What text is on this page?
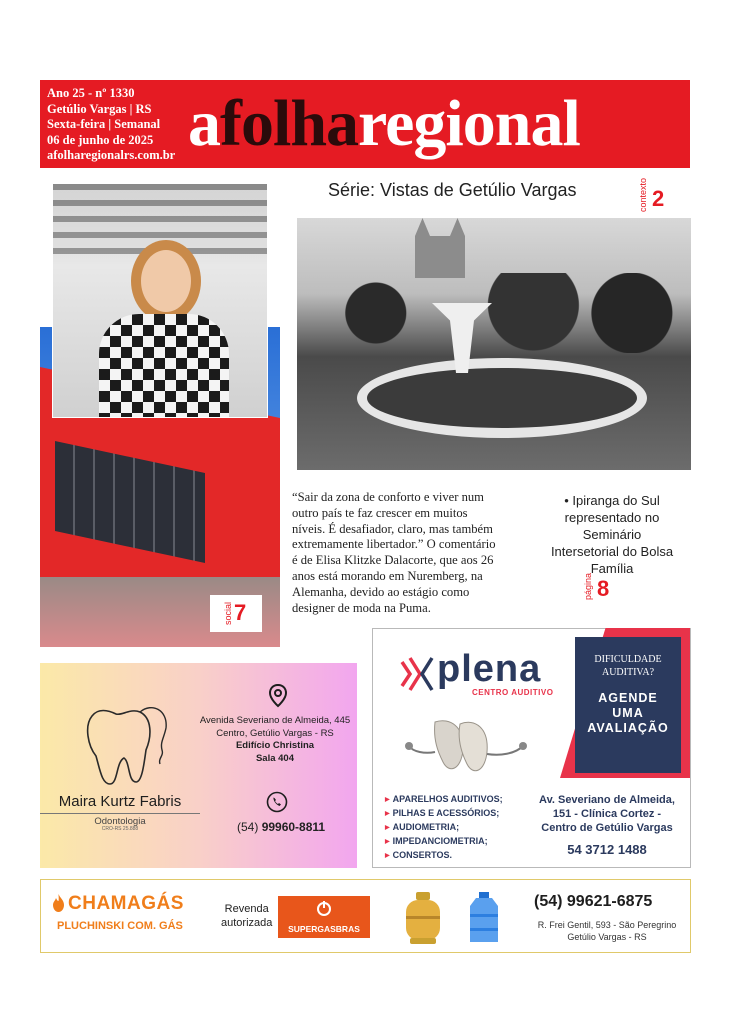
Ano 25 - nº 1330
Getúlio Vargas | RS
Sexta-feira | Semanal
06 de junho de 2025
afolharegionalrs.com.br afolharegional
Série: Vistas de Getúlio Vargas	contexto 2
“Sair da zona de conforto e viver num outro país te faz crescer em muitos níveis. É desafiador, claro, mas também extremamente libertador.” O comentário é de Elisa Klitzke Dalacorte, que aos 26 anos está morando em Nuremberg, na Alemanha, devido ao estágio como designer de moda na Puma.
social 7
• Ipiranga do Sul representado no Seminário Intersetorial do Bolsa Família
página 8
Maira Kurtz Fabris
Odontologia
CRO-RS 25.888
Avenida Severiano de Almeida, 445
Centro, Getúlio Vargas - RS
Edifício Christina
Sala 404
(54) 99960-8811
DIFICULDADE
AUDITIVA?
AGENDE
UMA
AVALIAÇÃO
plena
CENTRO AUDITIVO
▶ APARELHOS AUDITIVOS;
▶ PILHAS E ACESSÓRIOS;
▶ AUDIOMETRIA;
▶ IMPEDANCIOMETRIA;
▶ CONSERTOS.
Av. Severiano de Almeida,
151 - Clínica Cortez -
Centro de Getúlio Vargas
54 3712 1488
CHAMAGÁS
PLUCHINSKI COM. GÁS
Revenda
autorizada	SUPERGASBRAS
(54) 99621-6875
R. Frei Gentil, 593 - São Peregrino
Getúlio Vargas - RS
